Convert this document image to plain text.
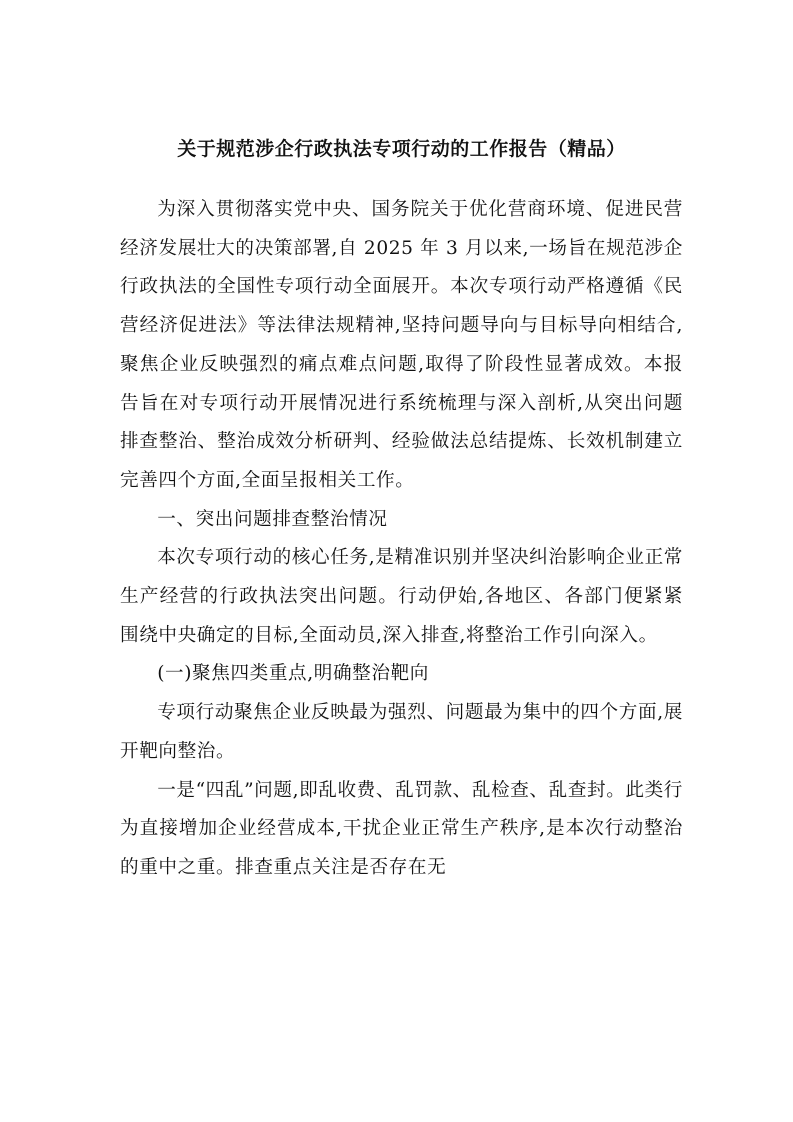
关于规范涉企行政执法专项行动的工作报告（精品）

为深入贯彻落实党中央、国务院关于优化营商环境、促进民营经济发展壮大的决策部署,自 2025 年 3 月以来,一场旨在规范涉企行政执法的全国性专项行动全面展开。本次专项行动严格遵循《民营经济促进法》等法律法规精神,坚持问题导向与目标导向相结合,聚焦企业反映强烈的痛点难点问题,取得了阶段性显著成效。本报告旨在对专项行动开展情况进行系统梳理与深入剖析,从突出问题排查整治、整治成效分析研判、经验做法总结提炼、长效机制建立完善四个方面,全面呈报相关工作。

一、突出问题排查整治情况

本次专项行动的核心任务,是精准识别并坚决纠治影响企业正常生产经营的行政执法突出问题。行动伊始,各地区、各部门便紧紧围绕中央确定的目标,全面动员,深入排查,将整治工作引向深入。

(一)聚焦四类重点,明确整治靶向

专项行动聚焦企业反映最为强烈、问题最为集中的四个方面,展开靶向整治。

一是“四乱”问题,即乱收费、乱罚款、乱检查、乱查封。此类行为直接增加企业经营成本,干扰企业正常生产秩序,是本次行动整治的重中之重。排查重点关注是否存在无
